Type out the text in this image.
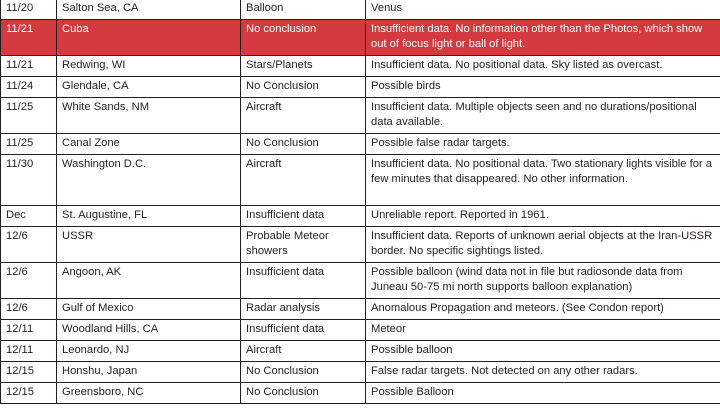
11/20	Salton Sea, CA	Balloon	Venus
11/21	Cuba	No conclusion	Insufficient data. No information other than the Photos, which show out of focus light or ball of light.
11/21	Redwing, WI	Stars/Planets	Insufficient data. No positional data. Sky listed as overcast.
11/24	Glendale, CA	No Conclusion	Possible birds
11/25	White Sands, NM	Aircraft	Insufficient data. Multiple objects seen and no durations/positional data available.
11/25	Canal Zone	No Conclusion	Possible false radar targets.
11/30	Washington D.C.	Aircraft	Insufficient data. No positional data. Two stationary lights visible for a few minutes that disappeared. No other information.
Dec	St. Augustine, FL	Insufficient data	Unreliable report. Reported in 1961.
12/6	USSR	Probable Meteor showers	Insufficient data. Reports of unknown aerial objects at the Iran-USSR border. No specific sightings listed.
12/6	Angoon, AK	Insufficient data	Possible balloon (wind data not in file but radiosonde data from Juneau 50-75 mi north supports balloon explanation)
12/6	Gulf of Mexico	Radar analysis	Anomalous Propagation and meteors. (See Condon report)
12/11	Woodland Hills, CA	Insufficient data	Meteor
12/11	Leonardo, NJ	Aircraft	Possible balloon
12/15	Honshu, Japan	No Conclusion	False radar targets. Not detected on any other radars.
12/15	Greensboro, NC	No Conclusion	Possible Balloon
